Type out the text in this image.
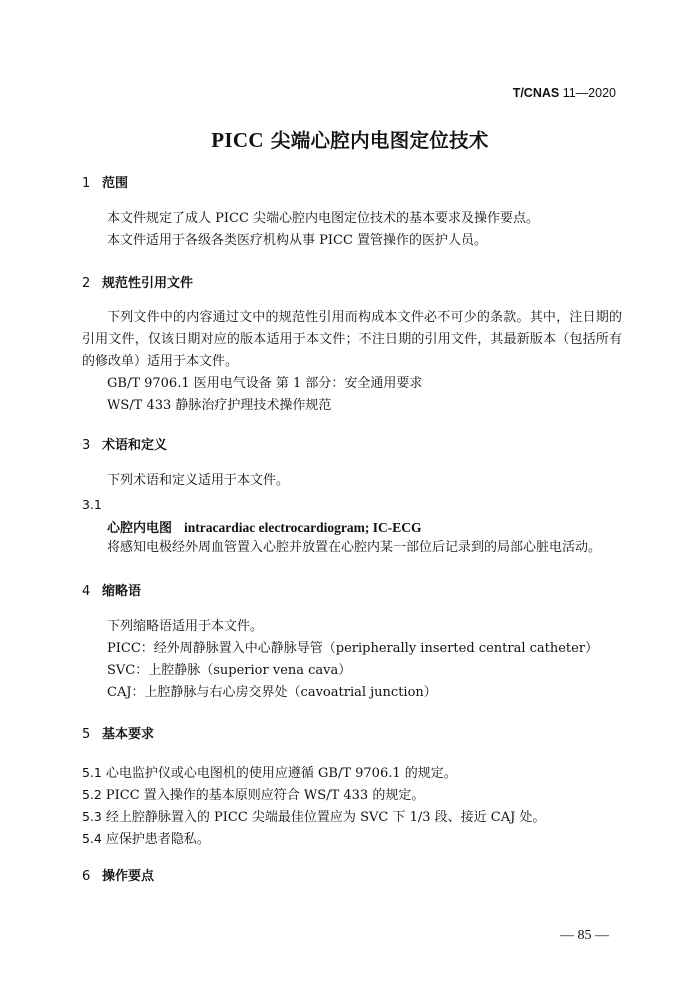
T/CNAS 11—2020
PICC 尖端心腔内电图定位技术
1 范围
本文件规定了成人 PICC 尖端心腔内电图定位技术的基本要求及操作要点。
本文件适用于各级各类医疗机构从事 PICC 置管操作的医护人员。
2 规范性引用文件
下列文件中的内容通过文中的规范性引用而构成本文件必不可少的条款。其中，注日期的引用文件，仅该日期对应的版本适用于本文件；不注日期的引用文件，其最新版本（包括所有的修改单）适用于本文件。
GB/T 9706.1 医用电气设备 第 1 部分：安全通用要求
WS/T 433 静脉治疗护理技术操作规范
3 术语和定义
下列术语和定义适用于本文件。
3.1
心腔内电图 intracardiac electrocardiogram; IC-ECG
将感知电极经外周血管置入心腔并放置在心腔内某一部位后记录到的局部心脏电活动。
4 缩略语
下列缩略语适用于本文件。
PICC：经外周静脉置入中心静脉导管（peripherally inserted central catheter）
SVC：上腔静脉（superior vena cava）
CAJ：上腔静脉与右心房交界处（cavoatrial junction）
5 基本要求
5.1 心电监护仪或心电图机的使用应遵循 GB/T 9706.1 的规定。
5.2 PICC 置入操作的基本原则应符合 WS/T 433 的规定。
5.3 经上腔静脉置入的 PICC 尖端最佳位置应为 SVC 下 1/3 段、接近 CAJ 处。
5.4 应保护患者隐私。
6 操作要点
— 85 —
